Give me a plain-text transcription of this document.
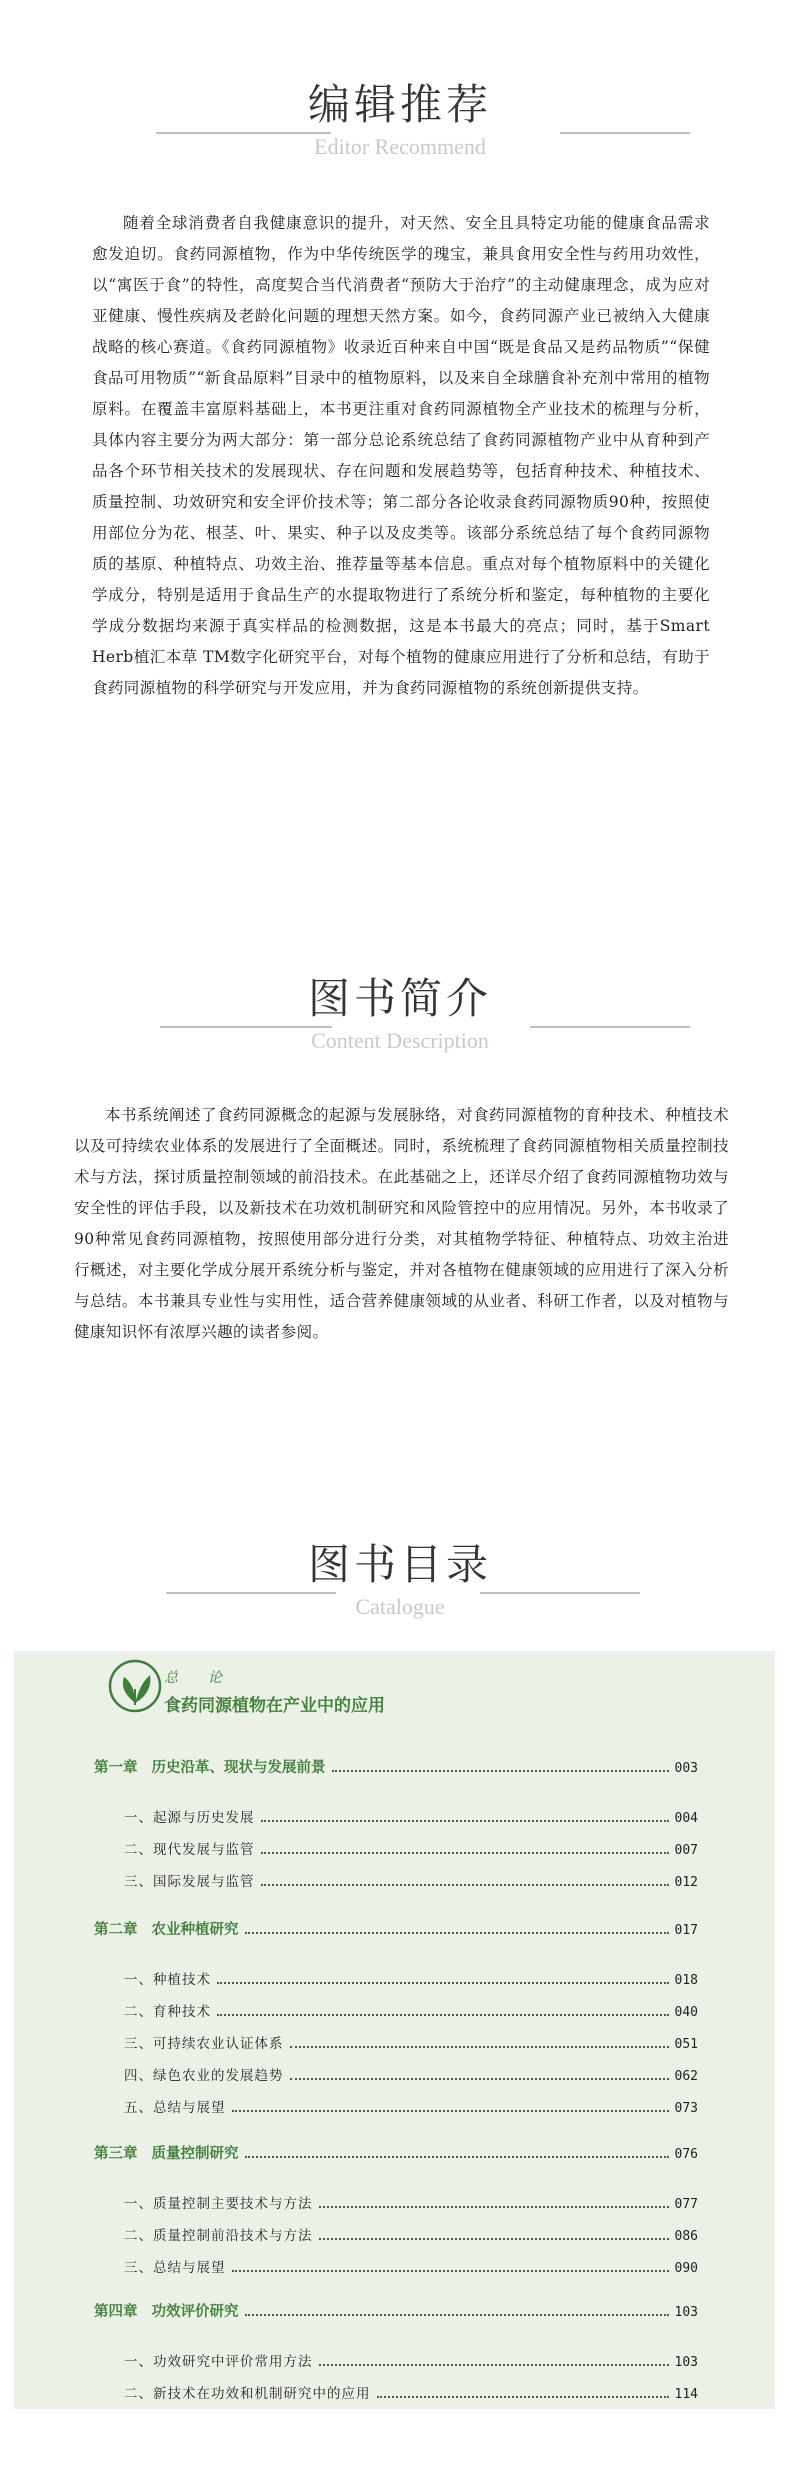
编辑推荐
Editor Recommend

随着全球消费者自我健康意识的提升，对天然、安全且具特定功能的健康食品需求愈发迫切。食药同源植物，作为中华传统医学的瑰宝，兼具食用安全性与药用功效性，以“寓医于食”的特性，高度契合当代消费者“预防大于治疗”的主动健康理念，成为应对亚健康、慢性疾病及老龄化问题的理想天然方案。如今，食药同源产业已被纳入大健康战略的核心赛道。《食药同源植物》收录近百种来自中国“既是食品又是药品物质”“保健食品可用物质”“新食品原料”目录中的植物原料，以及来自全球膳食补充剂中常用的植物原料。在覆盖丰富原料基础上，本书更注重对食药同源植物全产业技术的梳理与分析，具体内容主要分为两大部分：第一部分总论系统总结了食药同源植物产业中从育种到产品各个环节相关技术的发展现状、存在问题和发展趋势等，包括育种技术、种植技术、质量控制、功效研究和安全评价技术等；第二部分各论收录食药同源物质90种，按照使用部位分为花、根茎、叶、果实、种子以及皮类等。该部分系统总结了每个食药同源物质的基原、种植特点、功效主治、推荐量等基本信息。重点对每个植物原料中的关键化学成分，特别是适用于食品生产的水提取物进行了系统分析和鉴定，每种植物的主要化学成分数据均来源于真实样品的检测数据，这是本书最大的亮点；同时，基于Smart Herb植汇本草 TM数字化研究平台，对每个植物的健康应用进行了分析和总结，有助于食药同源植物的科学研究与开发应用，并为食药同源植物的系统创新提供支持。

图书简介
Content Description

本书系统阐述了食药同源概念的起源与发展脉络，对食药同源植物的育种技术、种植技术以及可持续农业体系的发展进行了全面概述。同时，系统梳理了食药同源植物相关质量控制技术与方法，探讨质量控制领域的前沿技术。在此基础之上，还详尽介绍了食药同源植物功效与安全性的评估手段，以及新技术在功效机制研究和风险管控中的应用情况。另外，本书收录了90种常见食药同源植物，按照使用部分进行分类，对其植物学特征、种植特点、功效主治进行概述，对主要化学成分展开系统分析与鉴定，并对各植物在健康领域的应用进行了深入分析与总结。本书兼具专业性与实用性，适合营养健康领域的从业者、科研工作者，以及对植物与健康知识怀有浓厚兴趣的读者参阅。

图书目录
Catalogue
总　论
食药同源植物在产业中的应用
第一章 历史沿革、现状与发展前景	003
一、起源与历史发展	004
二、现代发展与监管	007
三、国际发展与监管	012
第二章 农业种植研究	017
一、种植技术	018
二、育种技术	040
三、可持续农业认证体系	051
四、绿色农业的发展趋势	062
五、总结与展望	073
第三章 质量控制研究	076
一、质量控制主要技术与方法	077
二、质量控制前沿技术与方法	086
三、总结与展望	090
第四章 功效评价研究	103
一、功效研究中评价常用方法	103
二、新技术在功效和机制研究中的应用	114
